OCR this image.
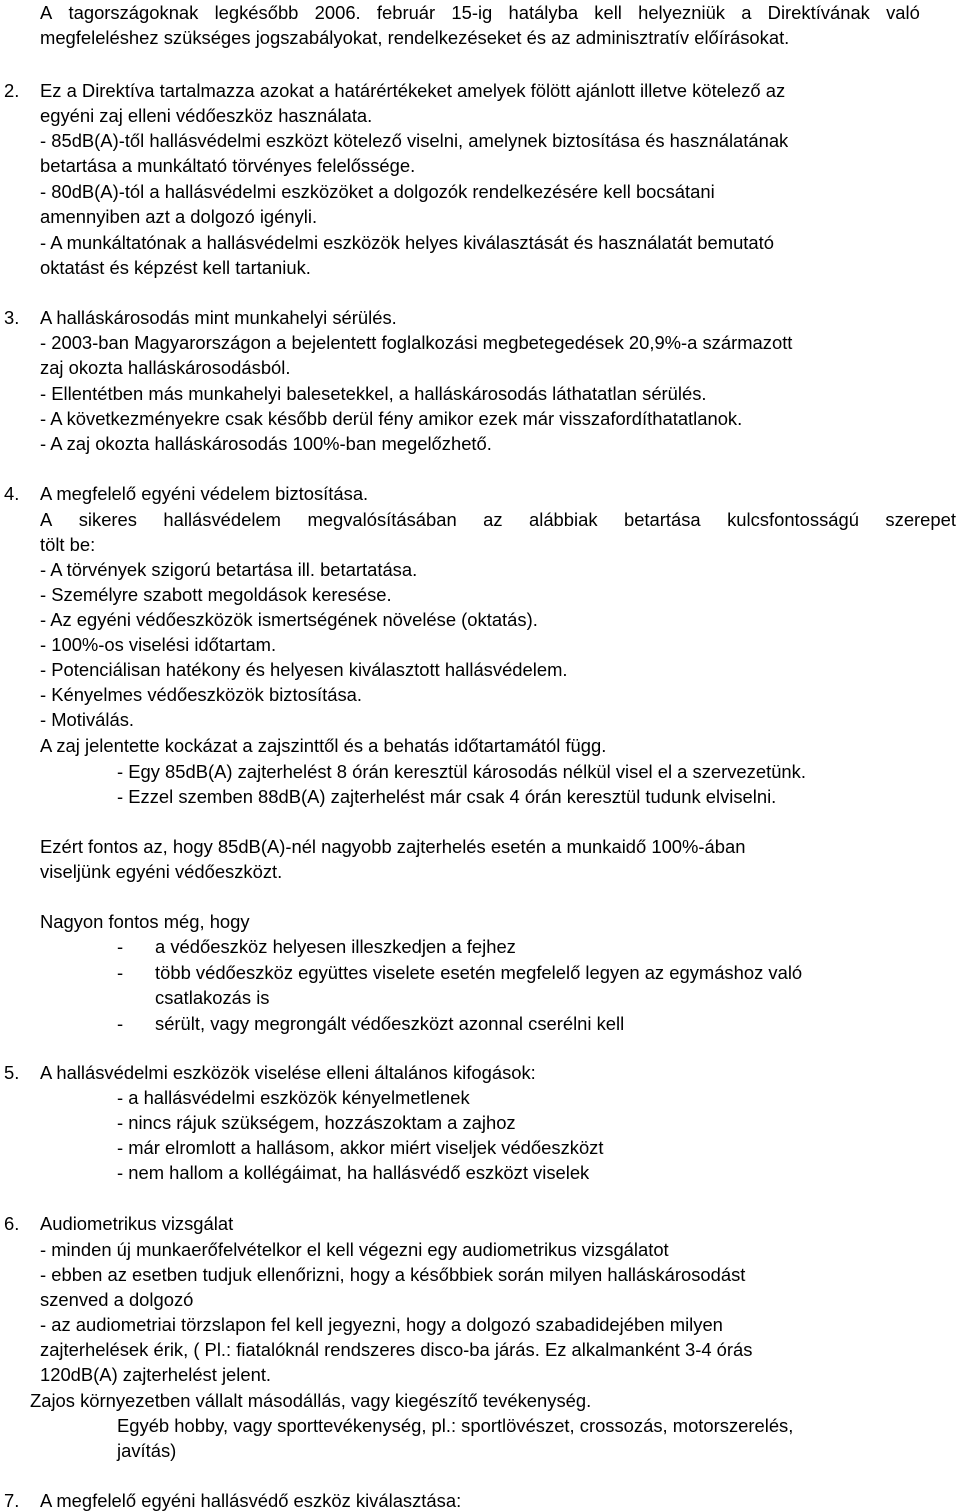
A tagországoknak legkésőbb 2006. február 15-ig hatályba kell helyezniük a Direktívának való
megfeleléshez szükséges jogszabályokat, rendelkezéseket és az adminisztratív előírásokat.
2. Ez a Direktíva tartalmazza azokat a határértékeket amelyek fölött ajánlott illetve kötelező az
egyéni zaj elleni védőeszköz használata.
- 85dB(A)-től hallásvédelmi eszközt kötelező viselni, amelynek biztosítása és használatának
betartása a munkáltató törvényes felelőssége.
- 80dB(A)-tól a hallásvédelmi eszközöket a dolgozók rendelkezésére kell bocsátani
amennyiben azt a dolgozó igényli.
- A munkáltatónak a hallásvédelmi eszközök helyes kiválasztását és használatát bemutató
oktatást és képzést kell tartaniuk.
3. A halláskárosodás mint munkahelyi sérülés.
- 2003-ban Magyarországon a bejelentett foglalkozási megbetegedések 20,9%-a származott
zaj okozta halláskárosodásból.
- Ellentétben más munkahelyi balesetekkel, a halláskárosodás láthatatlan sérülés.
- A következményekre csak később derül fény amikor ezek már visszafordíthatatlanok.
- A zaj okozta halláskárosodás 100%-ban megelőzhető.
4. A megfelelő egyéni védelem biztosítása.
A sikeres hallásvédelem megvalósításában az alábbiak betartása kulcsfontosságú szerepet
tölt be:
- A törvények szigorú betartása ill. betartatása.
- Személyre szabott megoldások keresése.
- Az egyéni védőeszközök ismertségének növelése (oktatás).
- 100%-os viselési időtartam.
- Potenciálisan hatékony és helyesen kiválasztott hallásvédelem.
- Kényelmes védőeszközök biztosítása.
- Motiválás.
A zaj jelentette kockázat a zajszinttől és a behatás időtartamától függ.
- Egy 85dB(A) zajterhelést 8 órán keresztül károsodás nélkül visel el a szervezetünk.
- Ezzel szemben 88dB(A) zajterhelést már csak 4 órán keresztül tudunk elviselni.
Ezért fontos az, hogy 85dB(A)-nél nagyobb zajterhelés esetén a munkaidő 100%-ában
viseljünk egyéni védőeszközt.
Nagyon fontos még, hogy
- a védőeszköz helyesen illeszkedjen a fejhez
- több védőeszköz együttes viselete esetén megfelelő legyen az egymáshoz való
csatlakozás is
- sérült, vagy megrongált védőeszközt azonnal cserélni kell
5. A hallásvédelmi eszközök viselése elleni általános kifogások:
- a hallásvédelmi eszközök kényelmetlenek
- nincs rájuk szükségem, hozzászoktam a zajhoz
- már elromlott a hallásom, akkor miért viseljek védőeszközt
- nem hallom a kollégáimat, ha hallásvédő eszközt viselek
6. Audiometrikus vizsgálat
- minden új munkaerőfelvételkor el kell végezni egy audiometrikus vizsgálatot
- ebben az esetben tudjuk ellenőrizni, hogy a későbbiek során milyen halláskárosodást
szenved a dolgozó
- az audiometriai törzslapon fel kell jegyezni, hogy a dolgozó szabadidejében milyen
zajterhelések érik, ( Pl.: fiatalóknál rendszeres disco-ba járás. Ez alkalmanként 3-4 órás
120dB(A) zajterhelést jelent.
Zajos környezetben vállalt másodállás, vagy kiegészítő tevékenység.
Egyéb hobby, vagy sporttevékenység, pl.: sportlövészet, crossozás, motorszerelés,
javítás)
7. A megfelelő egyéni hallásvédő eszköz kiválasztása:
